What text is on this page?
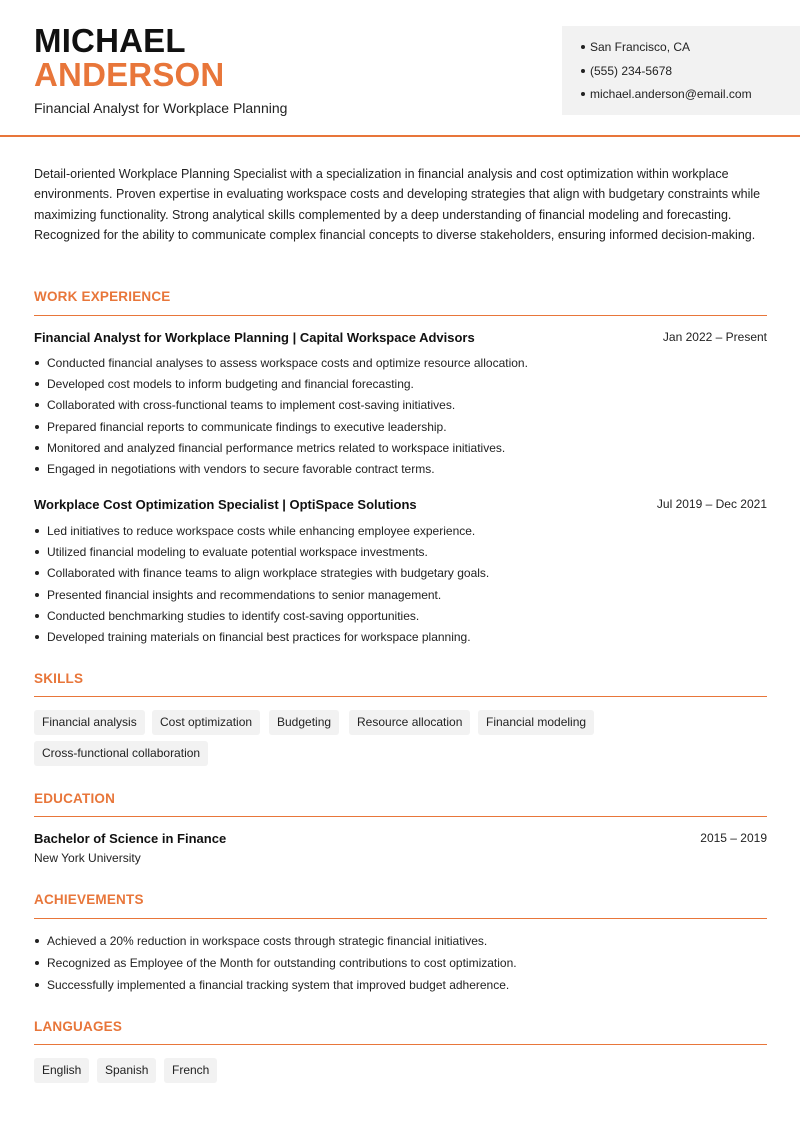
MICHAEL
ANDERSON
Financial Analyst for Workplace Planning
San Francisco, CA
(555) 234-5678
michael.anderson@email.com

Detail-oriented Workplace Planning Specialist with a specialization in financial analysis and cost optimization within workplace environments. Proven expertise in evaluating workspace costs and developing strategies that align with budgetary constraints while maximizing functionality. Strong analytical skills complemented by a deep understanding of financial modeling and forecasting. Recognized for the ability to communicate complex financial concepts to diverse stakeholders, ensuring informed decision-making.

WORK EXPERIENCE
Financial Analyst for Workplace Planning | Capital Workspace Advisors	Jan 2022 – Present
Conducted financial analyses to assess workspace costs and optimize resource allocation.
Developed cost models to inform budgeting and financial forecasting.
Collaborated with cross-functional teams to implement cost-saving initiatives.
Prepared financial reports to communicate findings to executive leadership.
Monitored and analyzed financial performance metrics related to workspace initiatives.
Engaged in negotiations with vendors to secure favorable contract terms.
Workplace Cost Optimization Specialist | OptiSpace Solutions	Jul 2019 – Dec 2021
Led initiatives to reduce workspace costs while enhancing employee experience.
Utilized financial modeling to evaluate potential workspace investments.
Collaborated with finance teams to align workplace strategies with budgetary goals.
Presented financial insights and recommendations to senior management.
Conducted benchmarking studies to identify cost-saving opportunities.
Developed training materials on financial best practices for workspace planning.
SKILLS
Financial analysis	Cost optimization	Budgeting	Resource allocation	Financial modeling
Cross-functional collaboration
EDUCATION
Bachelor of Science in Finance	2015 – 2019
New York University
ACHIEVEMENTS
Achieved a 20% reduction in workspace costs through strategic financial initiatives.
Recognized as Employee of the Month for outstanding contributions to cost optimization.
Successfully implemented a financial tracking system that improved budget adherence.
LANGUAGES
English	Spanish	French
